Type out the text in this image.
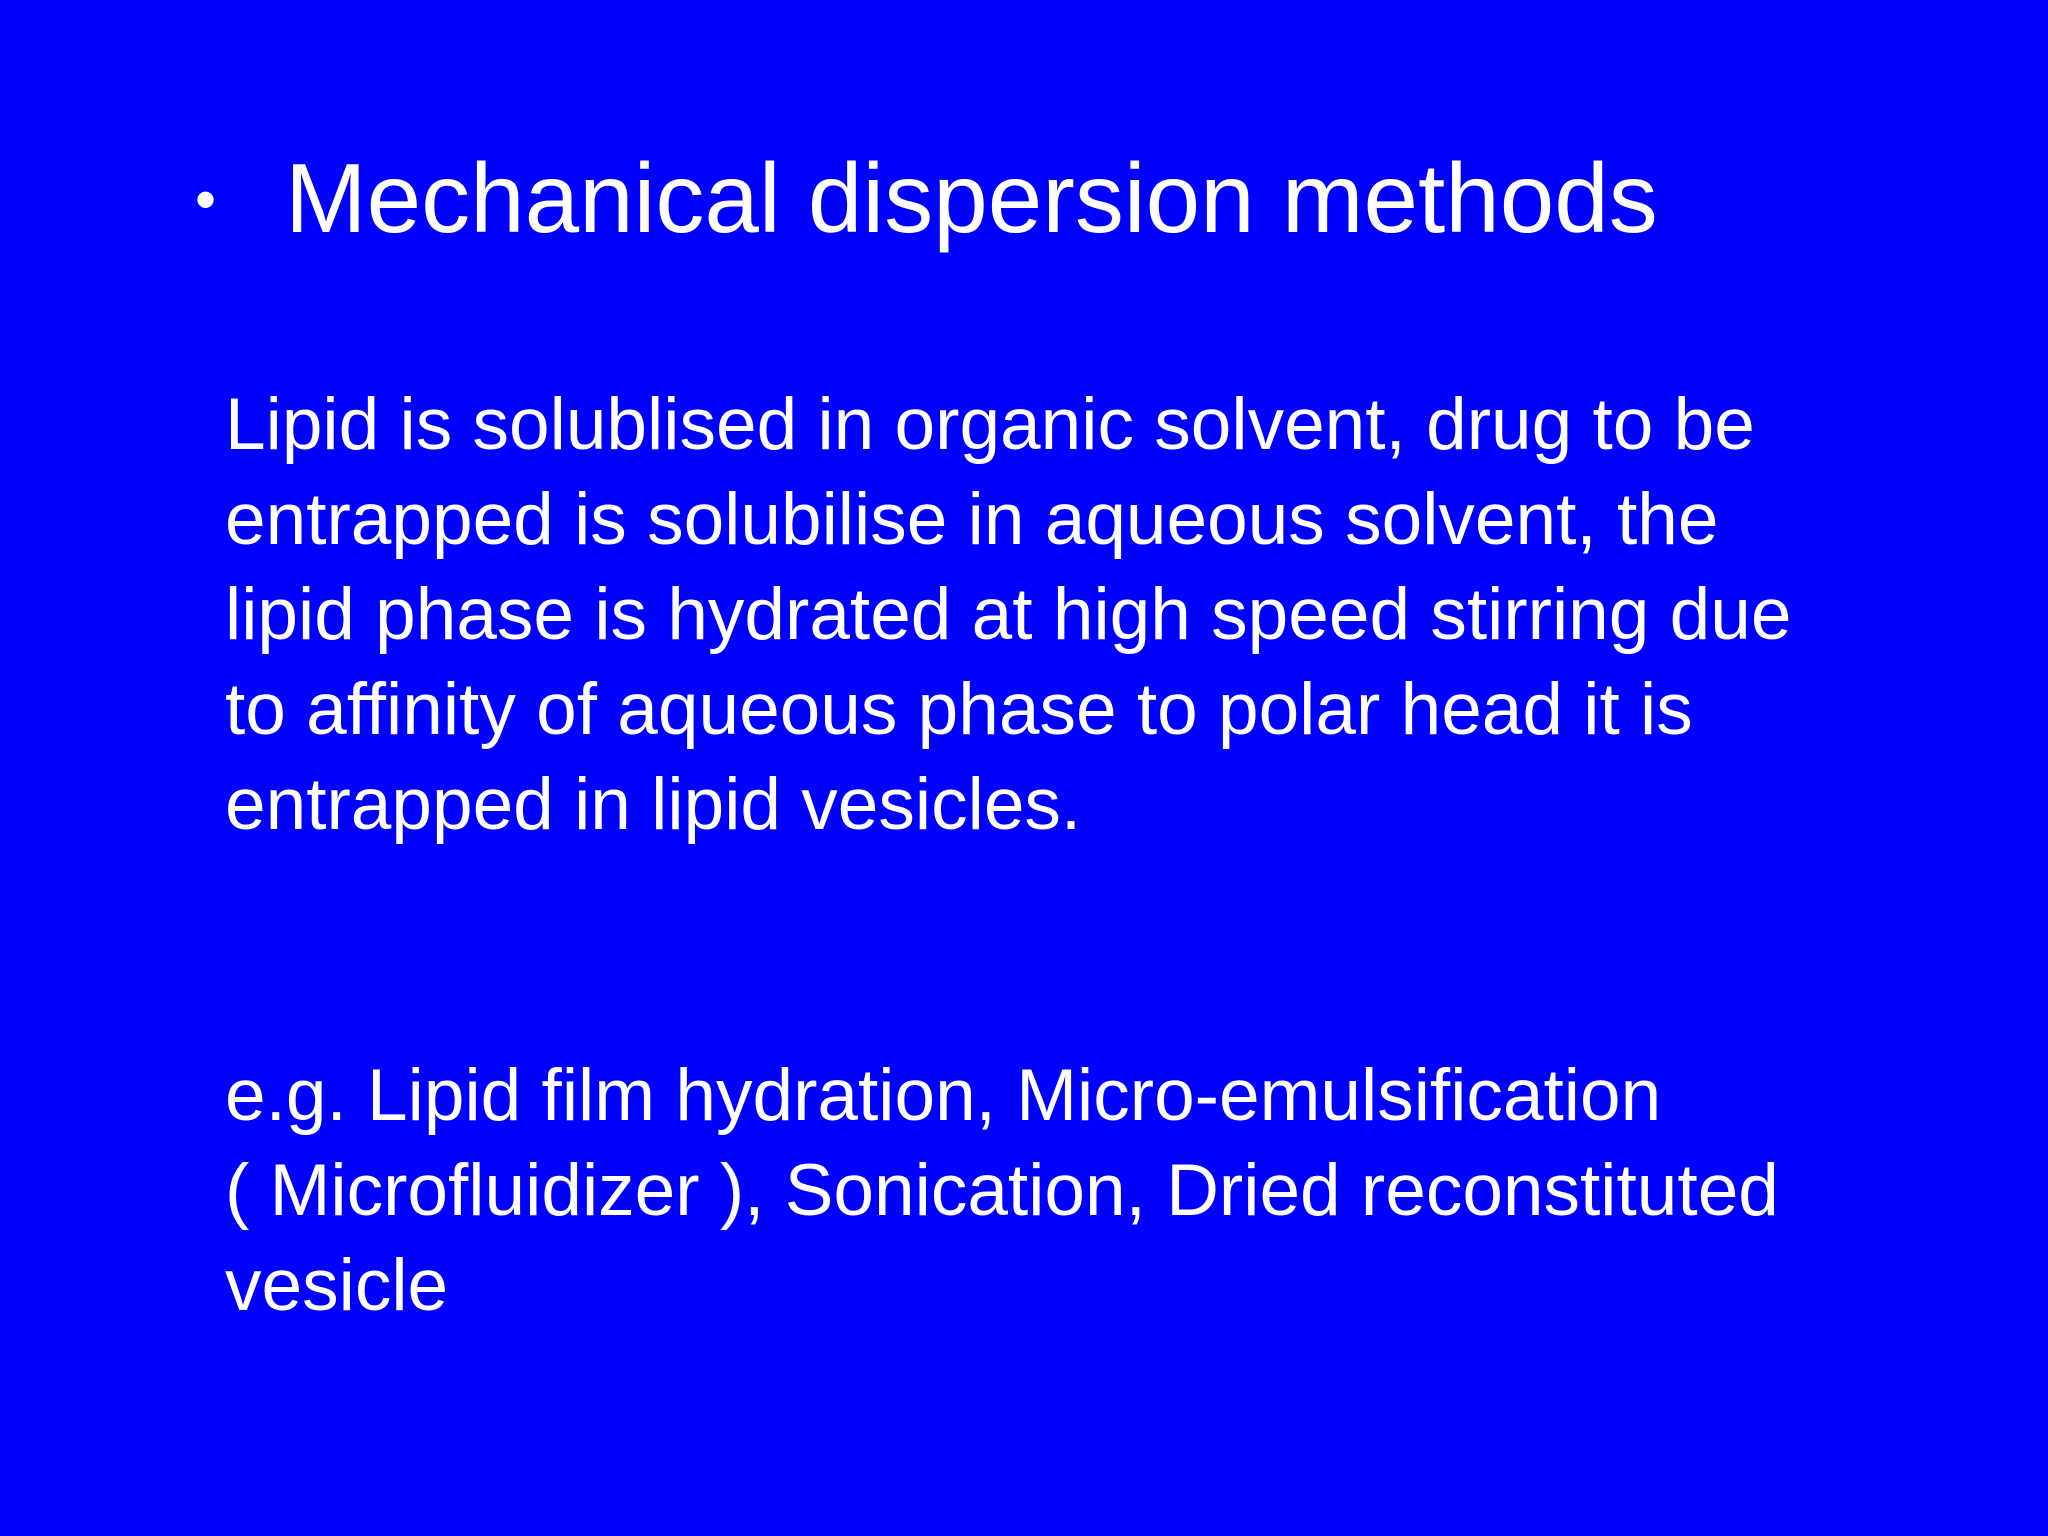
• Mechanical dispersion methods
Lipid is solublised in organic solvent, drug to be
entrapped is solubilise in aqueous solvent, the
lipid phase is hydrated at high speed stirring due
to affinity of aqueous phase to polar head it is
entrapped in lipid vesicles.
e.g. Lipid film hydration, Micro-emulsification
( Microfluidizer ), Sonication, Dried reconstituted
vesicle
